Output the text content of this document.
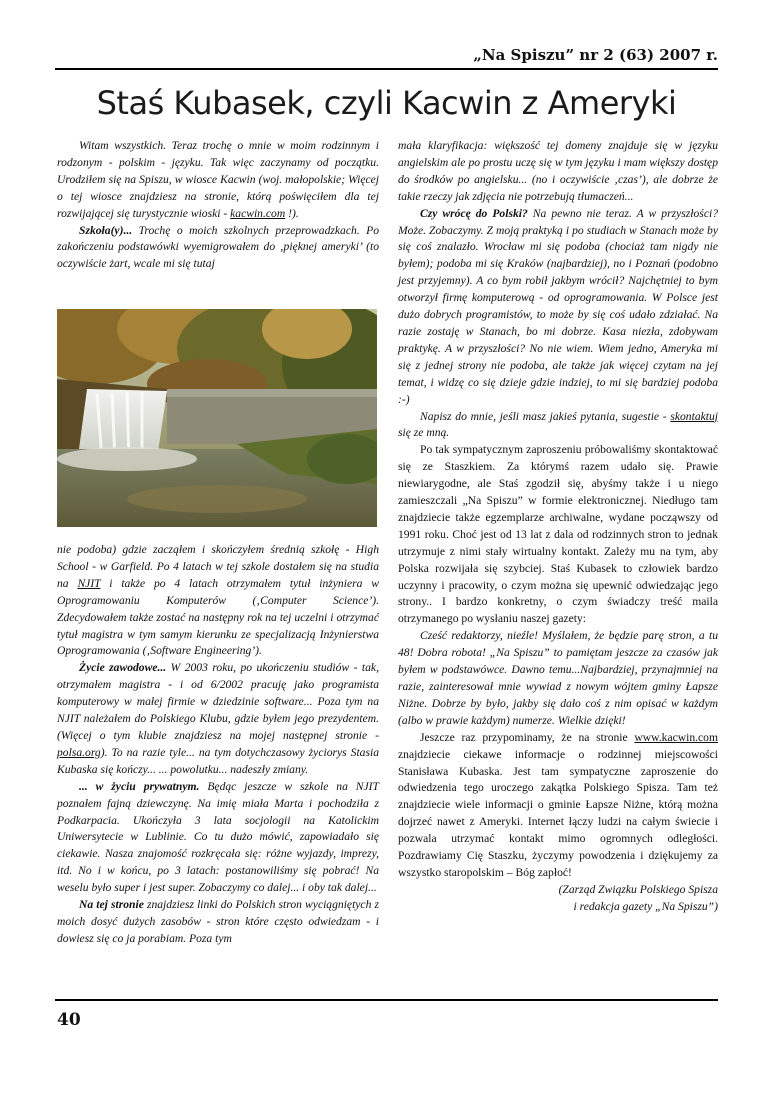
„Na Spiszu” nr 2 (63) 2007 r.
Staś Kubasek, czyli Kacwin z Ameryki

Witam wszystkich. Teraz trochę o mnie w moim rodzinnym i rodzonym - polskim - języku. Tak więc zaczynamy od początku. Urodziłem się na Spiszu, w wiosce Kacwin (woj. małopolskie; Więcej o tej wiosce znajdziesz na stronie, którą poświęciłem dla tej rozwijającej się turystycznie wioski - kacwin.com !).

Szkoła(y)... Trochę o moich szkolnych przeprowadzkach. Po zakończeniu podstawówki wyemigrowałem do ‚pięknej ameryki’ (to oczywiście żart, wcale mi się tutaj

nie podoba) gdzie zacząłem i skończyłem średnią szkołę - High School - w Garfield. Po 4 latach w tej szkole dostałem się na studia na NJIT i także po 4 latach otrzymałem tytuł inżyniera w Oprogramowaniu Komputerów (‚Computer Science’). Zdecydowałem także zostać na następny rok na tej uczelni i otrzymać tytuł magistra w tym samym kierunku ze specjalizacją Inżynierstwa Oprogramowania (‚Software Engineering’).

Życie zawodowe... W 2003 roku, po ukończeniu studiów - tak, otrzymałem magistra - i od 6/2002 pracuję jako programista komputerowy w małej firmie w dziedzinie software... Poza tym na NJIT należałem do Polskiego Klubu, gdzie byłem jego prezydentem. (Więcej o tym klubie znajdziesz na mojej następnej stronie - polsa.org). To na razie tyle... na tym dotychczasowy życiorys Stasia Kubaska się kończy... ... powolutku... nadeszły zmiany.

... w życiu prywatnym. Będąc jeszcze w szkole na NJIT poznałem fajną dziewczynę. Na imię miała Marta i pochodziła z Podkarpacia. Ukończyła 3 lata socjologii na Katolickim Uniwersytecie w Lublinie. Co tu dużo mówić, zapowiadało się ciekawie. Nasza znajomość rozkręcała się: różne wyjazdy, imprezy, itd. No i w końcu, po 3 latach: postanowiliśmy się pobrać! Na weselu było super i jest super. Zobaczymy co dalej... i oby tak dalej...

Na tej stronie znajdziesz linki do Polskich stron wyciągniętych z moich dosyć dużych zasobów - stron które często odwiedzam - i dowiesz się co ja porabiam. Poza tym

mała klaryfikacja: większość tej domeny znajduje się w języku angielskim ale po prostu uczę się w tym języku i mam większy dostęp do środków po angielsku... (no i oczywiście ‚czas’), ale dobrze że takie rzeczy jak zdjęcia nie potrzebują tłumaczeń...

Czy wrócę do Polski? Na pewno nie teraz. A w przyszłości? Może. Zobaczymy. Z moją praktyką i po studiach w Stanach może by się coś znalazło. Wrocław mi się podoba (chociaż tam nigdy nie byłem); podoba mi się Kraków (najbardziej), no i Poznań (podobno jest przyjemny). A co bym robił jakbym wrócił? Najchętniej to bym otworzył firmę komputerową - od oprogramowania. W Polsce jest dużo dobrych programistów, to może by się coś udało zdziałać. Na razie zostaję w Stanach, bo mi dobrze. Kasa niezła, zdobywam praktykę. A w przyszłości? No nie wiem. Wiem jedno, Ameryka mi się z jednej strony nie podoba, ale także jak więcej czytam na jej temat, i widzę co się dzieje gdzie indziej, to mi się bardziej podoba :-)

Napisz do mnie, jeśli masz jakieś pytania, sugestie - skontaktuj się ze mną.

Po tak sympatycznym zaproszeniu próbowaliśmy skontaktować się ze Staszkiem. Za którymś razem udało się. Prawie niewiarygodne, ale Staś zgodził się, abyśmy także i u niego zamieszczali „Na Spiszu” w formie elektronicznej. Niedługo tam znajdziecie także egzemplarze archiwalne, wydane począwszy od 1991 roku. Choć jest od 13 lat z dala od rodzinnych stron to jednak utrzymuje z nimi stały wirtualny kontakt. Zależy mu na tym, aby Polska rozwijała się szybciej. Staś Kubasek to człowiek bardzo uczynny i pracowity, o czym można się upewnić odwiedzając jego strony.. I bardzo konkretny, o czym świadczy treść maila otrzymanego po wysłaniu naszej gazety:

Cześć redaktorzy, nieźle! Myślałem, że będzie parę stron, a tu 48! Dobra robota! „Na Spiszu” to pamiętam jeszcze za czasów jak byłem w podstawówce. Dawno temu...Najbardziej, przynajmniej na razie, zainteresował mnie wywiad z nowym wójtem gminy Łapsze Niżne. Dobrze by było, jakby się dało coś z nim opisać w każdym (albo w prawie każdym) numerze. Wielkie dzięki!

Jeszcze raz przypominamy, że na stronie www.kacwin.com znajdziecie ciekawe informacje o rodzinnej miejscowości Stanisława Kubaska. Jest tam sympatyczne zaproszenie do odwiedzenia tego uroczego zakątka Polskiego Spisza. Tam też znajdziecie wiele informacji o gminie Łapsze Niżne, którą można dojrzeć nawet z Ameryki. Internet łączy ludzi na całym świecie i pozwala utrzymać kontakt mimo ogromnych odległości. Pozdrawiamy Cię Staszku, życzymy powodzenia i dziękujemy za wszystko staropolskim – Bóg zapłoć!

(Zarząd Związku Polskiego Spisza

i redakcja gazety „Na Spiszu”)

40
